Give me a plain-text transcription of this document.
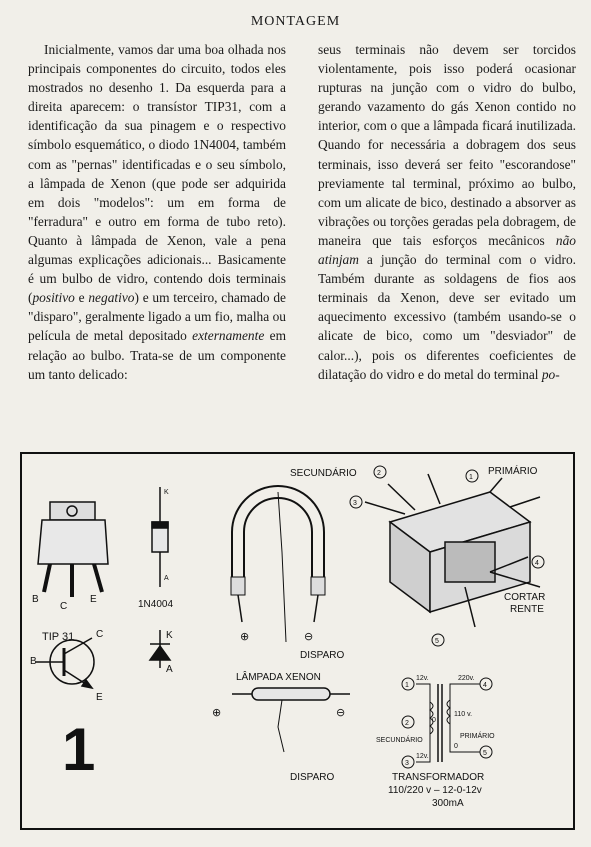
MONTAGEM

Inicialmente, vamos dar uma boa olhada nos principais componentes do circuito, todos eles mostrados no desenho 1. Da esquerda para a direita aparecem: o transístor TIP31, com a identificação da sua pinagem e o respectivo símbolo esquemático, o diodo 1N4004, também com as "pernas" identificadas e o seu símbolo, a lâmpada de Xenon (que pode ser adquirida em dois "modelos": um em forma de "ferradura" e outro em forma de tubo reto). Quanto à lâmpada de Xenon, vale a pena algumas explicações adicionais... Basicamente é um bulbo de vidro, contendo dois terminais (positivo e negativo) e um terceiro, chamado de "disparo", geralmente ligado a um fio, malha ou película de metal depositado externamente em relação ao bulbo. Trata-se de um componente um tanto delicado:

seus terminais não devem ser torcidos violentamente, pois isso poderá ocasionar rupturas na junção com o vidro do bulbo, gerando vazamento do gás Xenon contido no interior, com o que a lâmpada ficará inutilizada. Quando for necessária a dobragem dos seus terminais, isso deverá ser feito "escorandose" previamente tal terminal, próximo ao bulbo, com um alicate de bico, destinado a absorver as vibrações ou torções geradas pela dobragem, de maneira que tais esforços mecânicos não atinjam a junção do terminal com o vidro. Também durante as soldagens de fios aos terminais da Xenon, deve ser evitado um aquecimento excessivo (também usando-se o alicate de bico, como um "desviador" de calor...), pois os diferentes coeficientes de dilatação do vidro e do metal do terminal po-

B
C
E
TIP 31
B
C
E
1
K
A
1N4004
K
A
⊕	⊖
DISPARO
LÂMPADA XENON
⊕	⊖
DISPARO
SECUNDÁRIO	PRIMÁRIO
CORTAR
RENTE
2
3
4
1
5
1
2
3
4
5
12v.	220v.
0
110 v.
12v.
0
SECUNDÁRIO
PRIMÁRIO
TRANSFORMADOR
110/220 v – 12-0-12v
300mA
